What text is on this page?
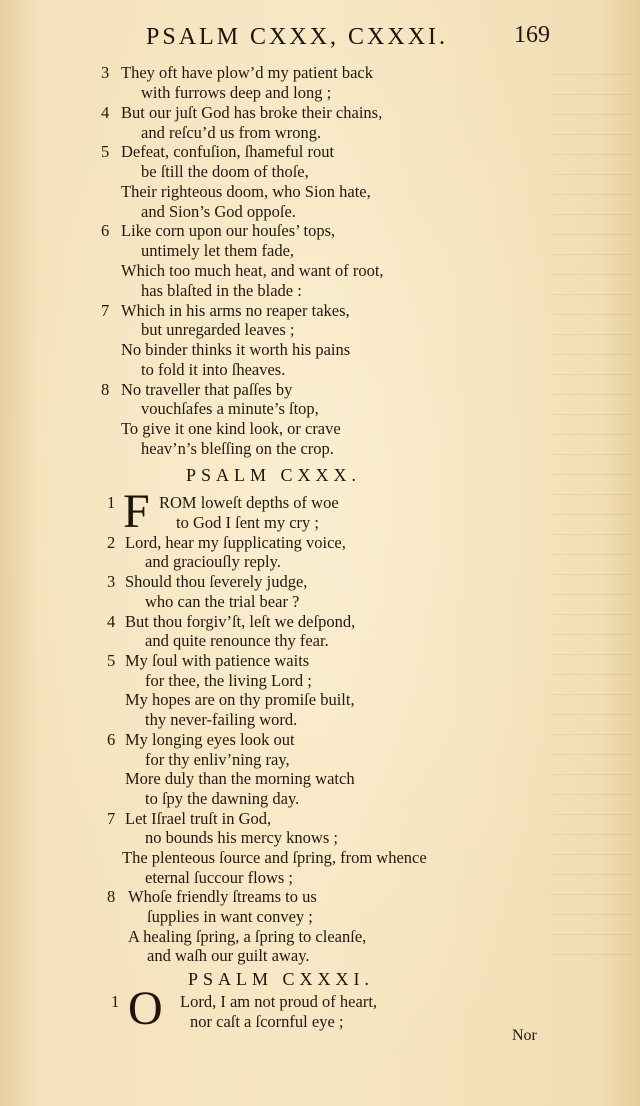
PSALM CXXX, CXXXI.	169
3 They oft have plow’d my patient back
with furrows deep and long ;
4 But our juſt God has broke their chains,
and reſcu’d us from wrong.
5 Defeat, confuſion, ſhameful rout
be ſtill the doom of thoſe,
Their righteous doom, who Sion hate,
and Sion’s God oppoſe.
6 Like corn upon our houſes’ tops,
untimely let them fade,
Which too much heat, and want of root,
has blaſted in the blade :
7 Which in his arms no reaper takes,
but unregarded leaves ;
No binder thinks it worth his pains
to fold it into ſheaves.
8 No traveller that paſſes by
vouchſafes a minute’s ſtop,
To give it one kind look, or crave
heav’n’s bleſſing on the crop.
PSALM CXXX.
1 F ROM loweſt depths of woe
to God I ſent my cry ;
2 Lord, hear my ſupplicating voice,
and graciouſly reply.
3 Should thou ſeverely judge,
who can the trial bear ?
4 But thou forgiv’ſt, leſt we deſpond,
and quite renounce thy fear.
5 My ſoul with patience waits
for thee, the living Lord ;
My hopes are on thy promiſe built,
thy never-failing word.
6 My longing eyes look out
for thy enliv’ning ray,
More duly than the morning watch
to ſpy the dawning day.
7 Let Iſrael truſt in God,
no bounds his mercy knows ;
The plenteous ſource and ſpring, from whence
eternal ſuccour flows ;
8 Whoſe friendly ſtreams to us
ſupplies in want convey ;
A healing ſpring, a ſpring to cleanſe,
and waſh our guilt away.
PSALM CXXXI.
1 O Lord, I am not proud of heart,
nor caſt a ſcornful eye ;
Nor
